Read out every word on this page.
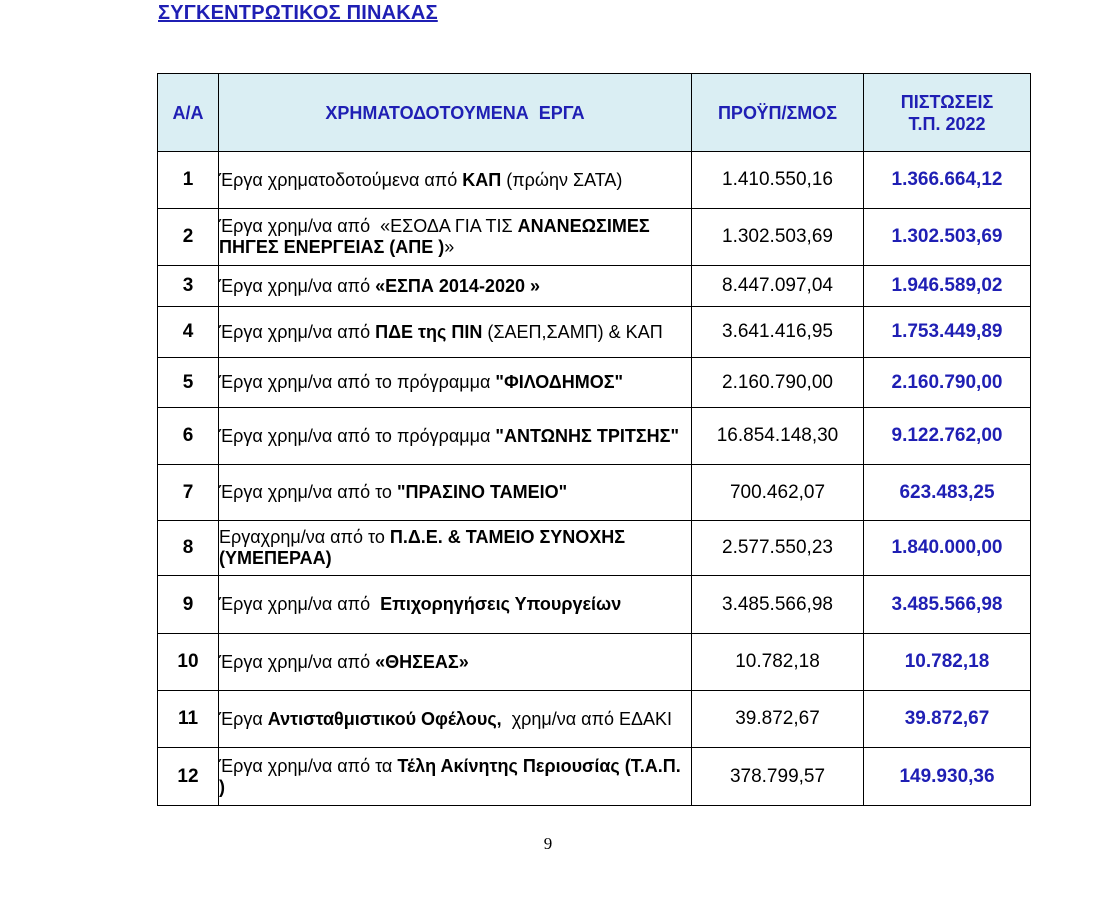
ΣΥΓΚΕΝΤΡΩΤΙΚΟΣ ΠΙΝΑΚΑΣ
Α/Α	ΧΡΗΜΑΤΟΔΟΤΟΥΜΕΝΑ  ΕΡΓΑ	ΠΡΟΫΠ/ΣΜΟΣ	ΠΙΣΤΩΣΕΙΣ
Τ.Π. 2022

1	Έργα χρηματοδοτούμενα από ΚΑΠ (πρώην ΣΑΤΑ)	1.410.550,16	1.366.664,12
2	Έργα χρημ/να από  «ΕΣΟΔΑ ΓΙΑ ΤΙΣ ΑΝΑΝΕΩΣΙΜΕΣ ΠΗΓΕΣ ΕΝΕΡΓΕΙΑΣ (ΑΠΕ )»	1.302.503,69	1.302.503,69
3	Έργα χρημ/να από «ΕΣΠΑ 2014-2020 »	8.447.097,04	1.946.589,02
4	Έργα χρημ/να από ΠΔΕ της ΠΙΝ (ΣΑΕΠ,ΣΑΜΠ) & ΚΑΠ	3.641.416,95	1.753.449,89
5	Έργα χρημ/να από το πρόγραμμα "ΦΙΛΟΔΗΜΟΣ"	2.160.790,00	2.160.790,00
6	Έργα χρημ/να από το πρόγραμμα "ΑΝΤΩΝΗΣ ΤΡΙΤΣΗΣ"	16.854.148,30	9.122.762,00
7	Έργα χρημ/να από το "ΠΡΑΣΙΝΟ ΤΑΜΕΙΟ"	700.462,07	623.483,25
8	Εργαχρημ/να από το Π.Δ.Ε. & ΤΑΜΕΙΟ ΣΥΝΟΧΗΣ (ΥΜΕΠΕΡΑΑ)	2.577.550,23	1.840.000,00
9	Έργα χρημ/να από  Επιχορηγήσεις Υπουργείων	3.485.566,98	3.485.566,98
10	Έργα χρημ/να από «ΘΗΣΕΑΣ»	10.782,18	10.782,18
11	Έργα Αντισταθμιστικού Οφέλους,  χρημ/να από ΕΔΑΚΙ	39.872,67	39.872,67
12	Έργα χρημ/να από τα Τέλη Ακίνητης Περιουσίας (Τ.Α.Π. )	378.799,57	149.930,36
9
